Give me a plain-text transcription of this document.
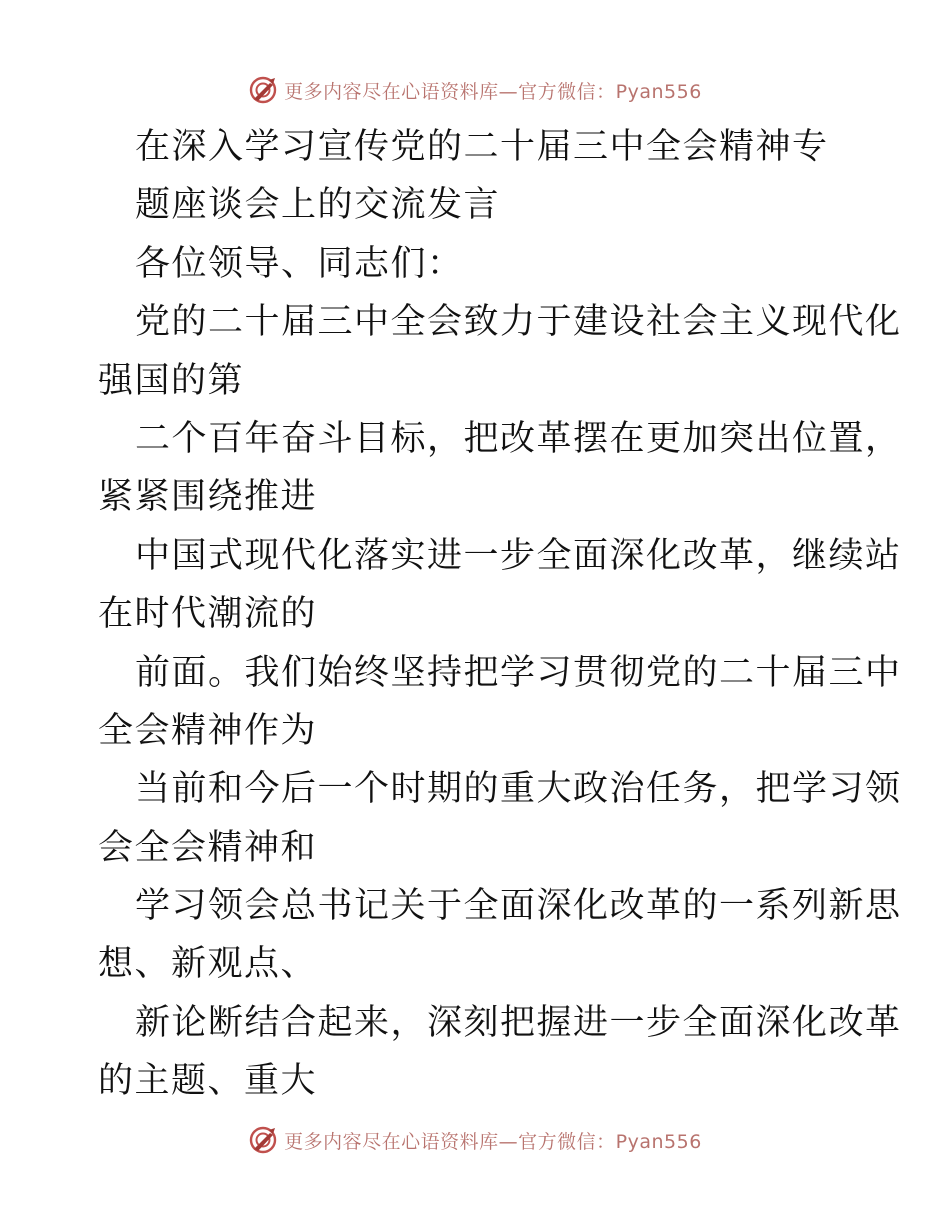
更多内容尽在心语资料库—官方微信：Pyan556
在深入学习宣传党的二十届三中全会精神专
题座谈会上的交流发言
各位领导、同志们：
党的二十届三中全会致力于建设社会主义现代化
强国的第
二个百年奋斗目标，把改革摆在更加突出位置，
紧紧围绕推进
中国式现代化落实进一步全面深化改革，继续站
在时代潮流的
前面。我们始终坚持把学习贯彻党的二十届三中
全会精神作为
当前和今后一个时期的重大政治任务，把学习领
会全会精神和
学习领会总书记关于全面深化改革的一系列新思
想、新观点、
新论断结合起来，深刻把握进一步全面深化改革
的主题、重大
更多内容尽在心语资料库—官方微信：Pyan556
